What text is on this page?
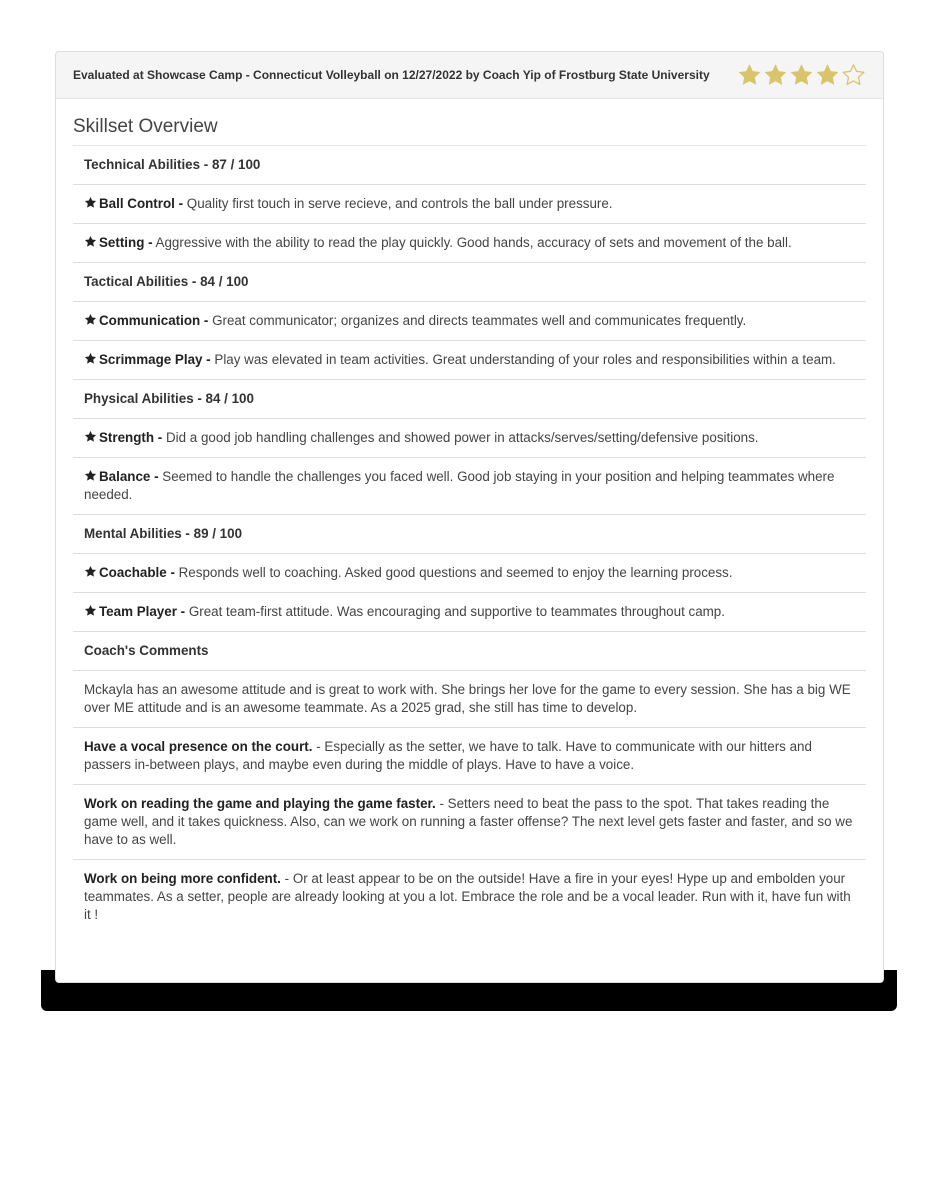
Evaluated at Showcase Camp - Connecticut Volleyball on 12/27/2022 by Coach Yip of Frostburg State University
Skillset Overview
Technical Abilities - 87 / 100
Ball Control - Quality first touch in serve recieve, and controls the ball under pressure.
Setting - Aggressive with the ability to read the play quickly. Good hands, accuracy of sets and movement of the ball.
Tactical Abilities - 84 / 100
Communication - Great communicator; organizes and directs teammates well and communicates frequently.
Scrimmage Play - Play was elevated in team activities. Great understanding of your roles and responsibilities within a team.
Physical Abilities - 84 / 100
Strength - Did a good job handling challenges and showed power in attacks/serves/setting/defensive positions.
Balance - Seemed to handle the challenges you faced well. Good job staying in your position and helping teammates where needed.
Mental Abilities - 89 / 100
Coachable - Responds well to coaching. Asked good questions and seemed to enjoy the learning process.
Team Player - Great team-first attitude. Was encouraging and supportive to teammates throughout camp.
Coach's Comments
Mckayla has an awesome attitude and is great to work with. She brings her love for the game to every session. She has a big WE over ME attitude and is an awesome teammate. As a 2025 grad, she still has time to develop.
Have a vocal presence on the court. - Especially as the setter, we have to talk. Have to communicate with our hitters and passers in-between plays, and maybe even during the middle of plays. Have to have a voice.
Work on reading the game and playing the game faster. - Setters need to beat the pass to the spot. That takes reading the game well, and it takes quickness. Also, can we work on running a faster offense? The next level gets faster and faster, and so we have to as well.
Work on being more confident. - Or at least appear to be on the outside! Have a fire in your eyes! Hype up and embolden your teammates. As a setter, people are already looking at you a lot. Embrace the role and be a vocal leader. Run with it, have fun with it !
